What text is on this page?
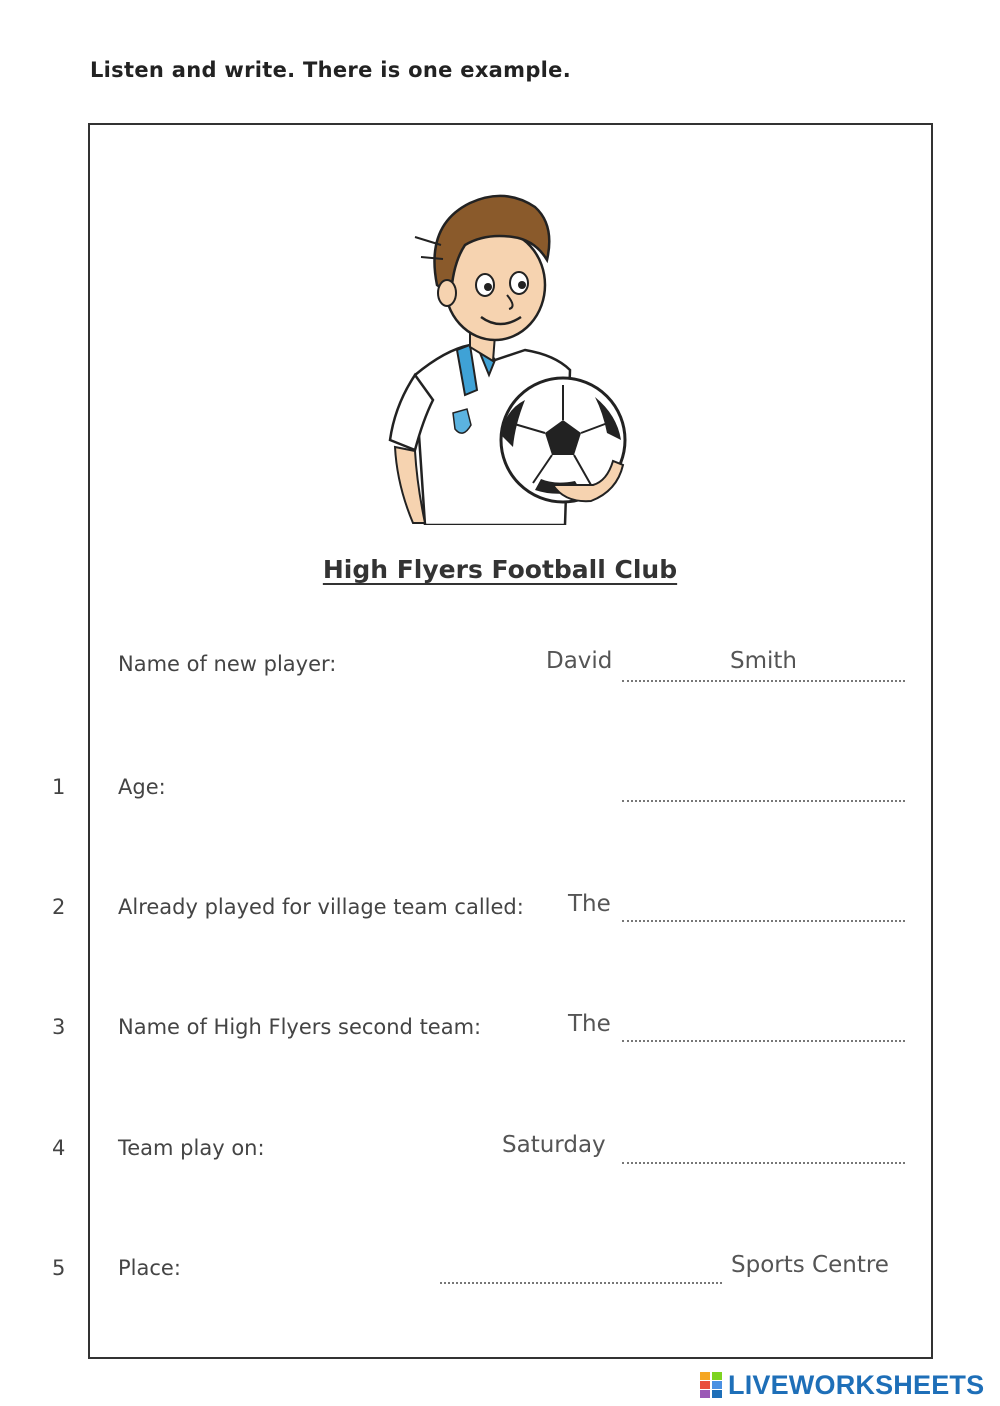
Listen and write. There is one example.
High Flyers Football Club
Name of new player:	David	Smith
1	Age:
2	Already played for village team called: The
3	Name of High Flyers second team:	The
4	Team play on:	Saturday
5	Place:	Sports Centre
LIVEWORKSHEETS
